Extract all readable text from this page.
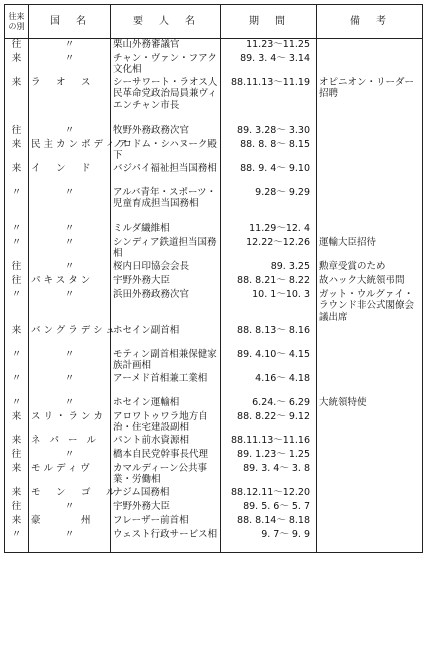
往来の別	国　名	要　人　名	期　間	備　考
往	〃	栗山外務審議官	11.23～11.25	
来	〃	チャン・ヴァン・フアク文化相	89. 3. 4～ 3.14	
来	ラ　オ　ス	シーサワート・ラオス人民革命党政治局員兼ヴィエンチャン市長	88.11.13～11.19	オピニオン・リーダー招聘
往	〃	牧野外務政務次官	89. 3.28～ 3.30	
来	民主カンボディア	ノロドム・シハヌーク殿下	88. 8. 8～ 8.15	
来	イ　ン　ド	バジパイ福祉担当国務相	88. 9. 4～ 9.10	
〃	〃	アルバ青年・スポーツ・児童育成担当国務相	9.28～ 9.29	
〃	〃	ミルダ繊維相	11.29～12. 4	
〃	〃	シンディア鉄道担当国務相	12.22～12.26	運輸大臣招待
往	〃	桜内日印協会会長	89. 3.25	勲章受賞のため
往	パキスタン	宇野外務大臣	88. 8.21～ 8.22	故ハック大統領弔問
〃	〃	浜田外務政務次官	10. 1～10. 3	ガット・ウルグァイ・ラウンド非公式閣僚会議出席
来	バングラデシュ	ホセイン副首相	88. 8.13～ 8.16	
〃	〃	モティン副首相兼保健家族計画相	89. 4.10～ 4.15	
〃	〃	アーメド首相兼工業相	4.16～ 4.18	
〃	〃	ホセイン運輸相	6.24.～ 6.29	大統領特使
来	スリ・ランカ	アロワトゥワラ地方自治・住宅建設副相	88. 8.22～ 9.12	
来	ネ パ ー ル	パント前水資源相	88.11.13～11.16	
往	〃	橋本自民党幹事長代理	89. 1.23～ 1.25	
来	モルディヴ	カマルディーン公共事業・労働相	89. 3. 4～ 3. 8	
来	モ　ン　ゴ　ル	ナジム国務相	88.12.11～12.20	
往	〃	宇野外務大臣	89. 5. 6～ 5. 7	
来	豪　　　州	フレーザー前首相	88. 8.14～ 8.18	
〃	〃	ウェスト行政サービス相	9. 7～ 9. 9	
